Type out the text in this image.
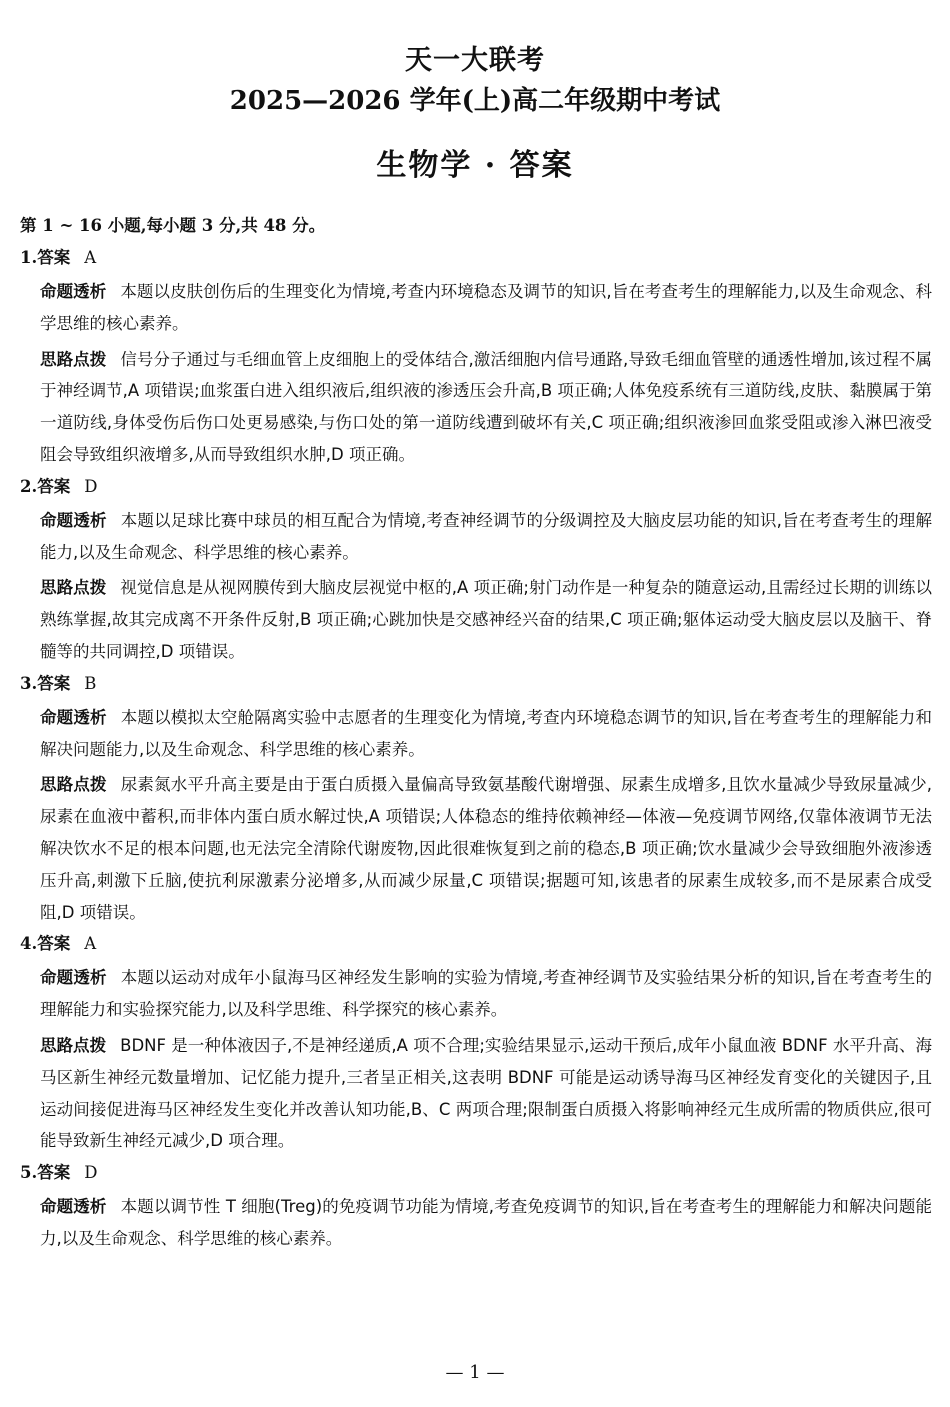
天一大联考
2025—2026 学年(上)高二年级期中考试
生物学 · 答案
第 1 ~ 16 小题,每小题 3 分,共 48 分。
1.答案 A

命题透析 本题以皮肤创伤后的生理变化为情境,考查内环境稳态及调节的知识,旨在考查考生的理解能力,以及生命观念、科学思维的核心素养。

思路点拨 信号分子通过与毛细血管上皮细胞上的受体结合,激活细胞内信号通路,导致毛细血管壁的通透性增加,该过程不属于神经调节,A 项错误;血浆蛋白进入组织液后,组织液的渗透压会升高,B 项正确;人体免疫系统有三道防线,皮肤、黏膜属于第一道防线,身体受伤后伤口处更易感染,与伤口处的第一道防线遭到破坏有关,C 项正确;组织液渗回血浆受阻或渗入淋巴液受阻会导致组织液增多,从而导致组织水肿,D 项正确。

2.答案 D

命题透析 本题以足球比赛中球员的相互配合为情境,考查神经调节的分级调控及大脑皮层功能的知识,旨在考查考生的理解能力,以及生命观念、科学思维的核心素养。

思路点拨 视觉信息是从视网膜传到大脑皮层视觉中枢的,A 项正确;射门动作是一种复杂的随意运动,且需经过长期的训练以熟练掌握,故其完成离不开条件反射,B 项正确;心跳加快是交感神经兴奋的结果,C 项正确;躯体运动受大脑皮层以及脑干、脊髓等的共同调控,D 项错误。

3.答案 B

命题透析 本题以模拟太空舱隔离实验中志愿者的生理变化为情境,考查内环境稳态调节的知识,旨在考查考生的理解能力和解决问题能力,以及生命观念、科学思维的核心素养。

思路点拨 尿素氮水平升高主要是由于蛋白质摄入量偏高导致氨基酸代谢增强、尿素生成增多,且饮水量减少导致尿量减少,尿素在血液中蓄积,而非体内蛋白质水解过快,A 项错误;人体稳态的维持依赖神经—体液—免疫调节网络,仅靠体液调节无法解决饮水不足的根本问题,也无法完全清除代谢废物,因此很难恢复到之前的稳态,B 项正确;饮水量减少会导致细胞外液渗透压升高,刺激下丘脑,使抗利尿激素分泌增多,从而减少尿量,C 项错误;据题可知,该患者的尿素生成较多,而不是尿素合成受阻,D 项错误。

4.答案 A

命题透析 本题以运动对成年小鼠海马区神经发生影响的实验为情境,考查神经调节及实验结果分析的知识,旨在考查考生的理解能力和实验探究能力,以及科学思维、科学探究的核心素养。

思路点拨 BDNF 是一种体液因子,不是神经递质,A 项不合理;实验结果显示,运动干预后,成年小鼠血液 BDNF 水平升高、海马区新生神经元数量增加、记忆能力提升,三者呈正相关,这表明 BDNF 可能是运动诱导海马区神经发育变化的关键因子,且运动间接促进海马区神经发生变化并改善认知功能,B、C 两项合理;限制蛋白质摄入将影响神经元生成所需的物质供应,很可能导致新生神经元减少,D 项合理。

5.答案 D

命题透析 本题以调节性 T 细胞(Treg)的免疫调节功能为情境,考查免疫调节的知识,旨在考查考生的理解能力和解决问题能力,以及生命观念、科学思维的核心素养。

— 1 —
